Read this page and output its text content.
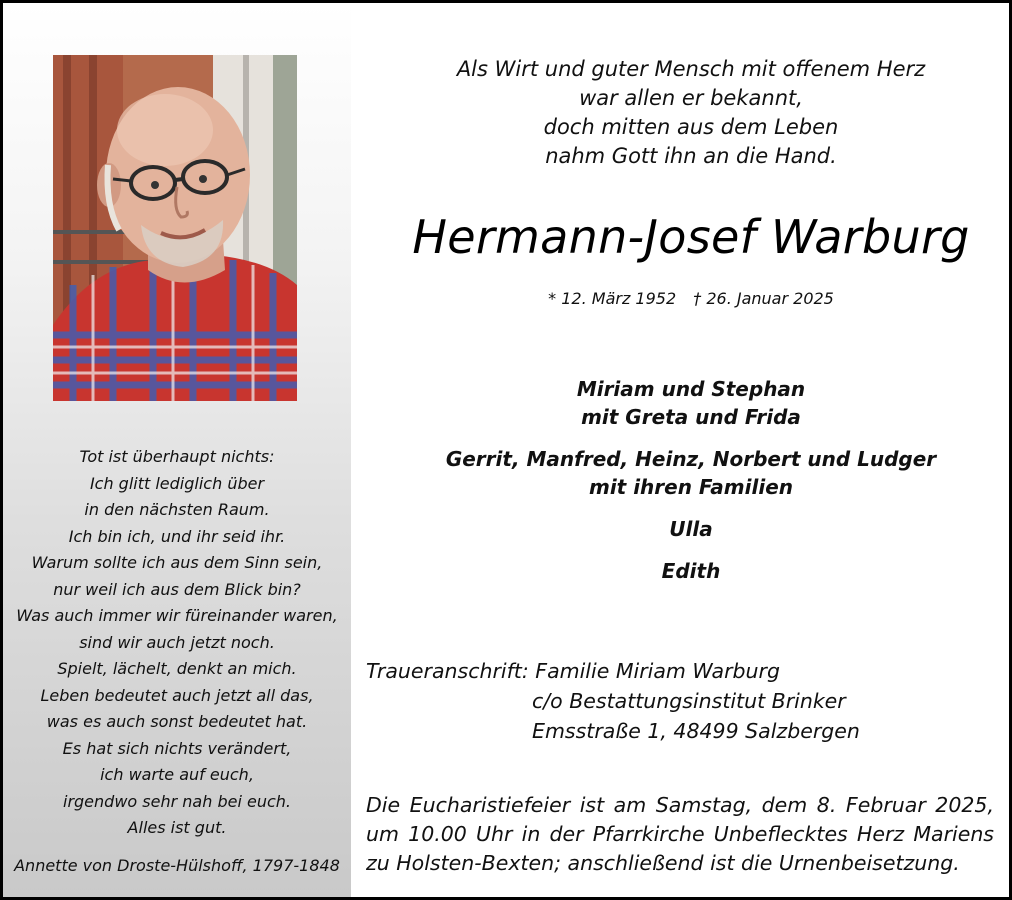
Tot ist überhaupt nichts:
Ich glitt lediglich über
in den nächsten Raum.
Ich bin ich, und ihr seid ihr.
Warum sollte ich aus dem Sinn sein,
nur weil ich aus dem Blick bin?
Was auch immer wir füreinander waren,
sind wir auch jetzt noch.
Spielt, lächelt, denkt an mich.
Leben bedeutet auch jetzt all das,
was es auch sonst bedeutet hat.
Es hat sich nichts verändert,
ich warte auf euch,
irgendwo sehr nah bei euch.
Alles ist gut.
Annette von Droste-Hülshoff, 1797-1848
Als Wirt und guter Mensch mit offenem Herz
war allen er bekannt,
doch mitten aus dem Leben
nahm Gott ihn an die Hand.
Hermann-Josef Warburg
* 12. März 1952 † 26. Januar 2025
Miriam und Stephan
mit Greta und Frida
Gerrit, Manfred, Heinz, Norbert und Ludger
mit ihren Familien
Ulla
Edith
Traueranschrift: Familie Miriam Warburg
c/o Bestattungsinstitut Brinker
Emsstraße 1, 48499 Salzbergen
Die Eucharistiefeier ist am Samstag, dem 8. Februar 2025, um 10.00 Uhr in der Pfarrkirche Unbeflecktes Herz Mariens zu Holsten-Bexten; anschließend ist die Urnenbeisetzung.
